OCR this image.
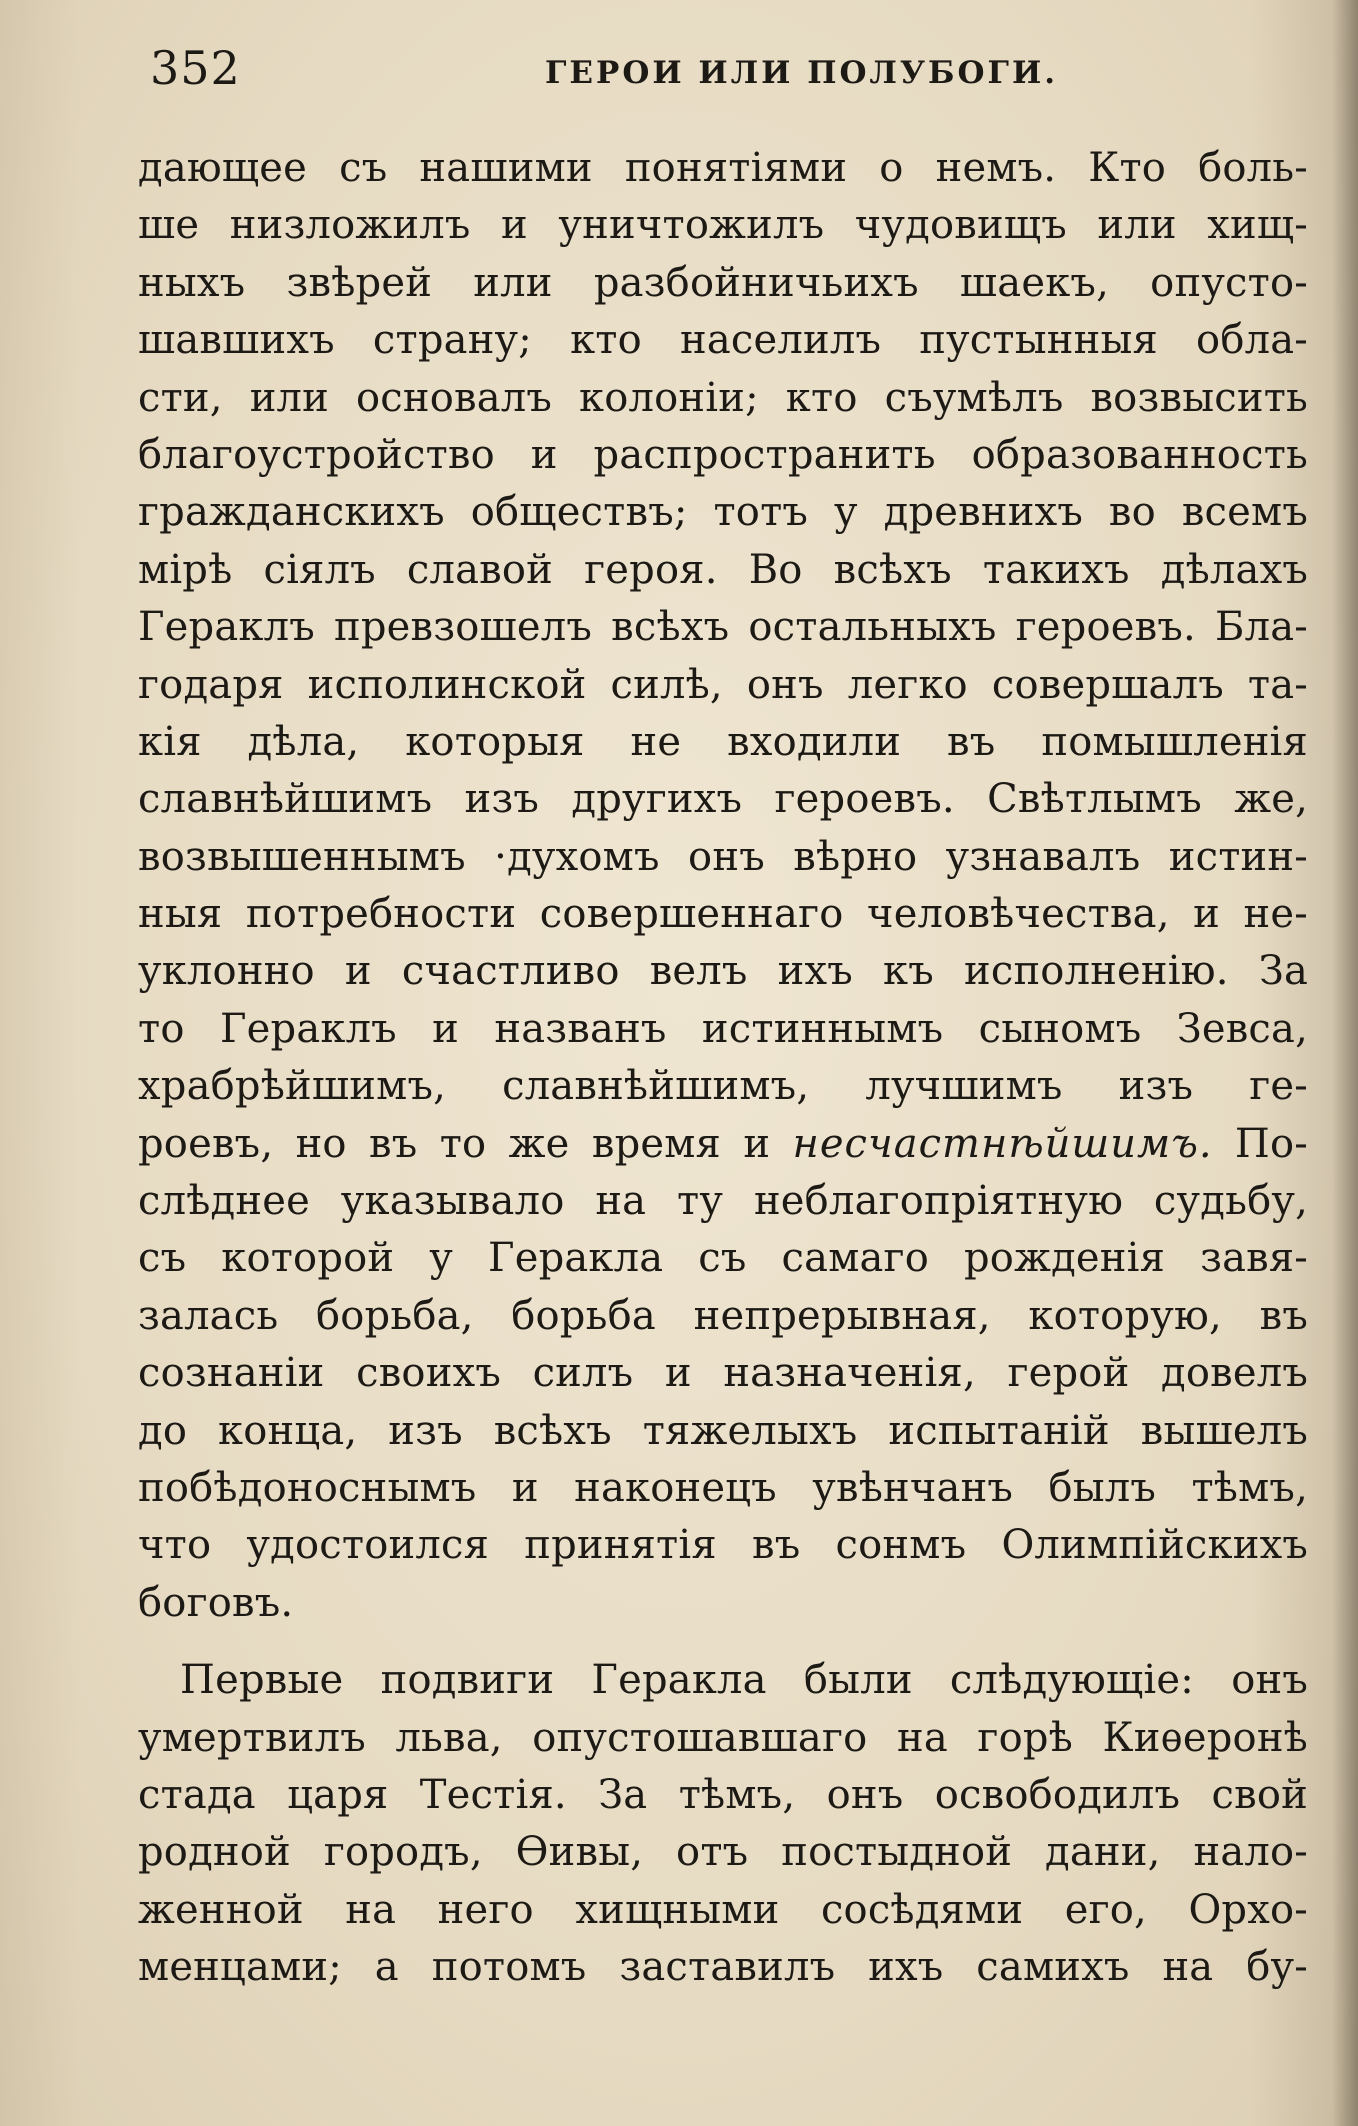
352	ГЕРОИ ИЛИ ПОЛУБОГИ.
дающее съ нашими понятіями о немъ. Кто боль-
ше низложилъ и уничтожилъ чудовищъ или хищ-
ныхъ звѣрей или разбойничьихъ шаекъ, опусто-
шавшихъ страну; кто населилъ пустынныя обла-
сти, или основалъ колоніи; кто съумѣлъ возвысить
благоустройство и распространить образованность
гражданскихъ обществъ; тотъ у древнихъ во всемъ
мірѣ сіялъ славой героя. Во всѣхъ такихъ дѣлахъ
Гераклъ превзошелъ всѣхъ остальныхъ героевъ. Бла-
годаря исполинской силѣ, онъ легко совершалъ та-
кія дѣла, которыя не входили въ помышленія
славнѣйшимъ изъ другихъ героевъ. Свѣтлымъ же,
возвышеннымъ ·духомъ онъ вѣрно узнавалъ истин-
ныя потребности совершеннаго человѣчества, и не-
уклонно и счастливо велъ ихъ къ исполненію. За
то Гераклъ и названъ истиннымъ сыномъ Зевса,
храбрѣйшимъ, славнѣйшимъ, лучшимъ изъ ге-
роевъ, но въ то же время и несчастнѣйшимъ. По-
слѣднее указывало на ту неблагопріятную судьбу,
съ которой у Геракла съ самаго рожденія завя-
залась борьба, борьба непрерывная, которую, въ
сознаніи своихъ силъ и назначенія, герой довелъ
до конца, изъ всѣхъ тяжелыхъ испытаній вышелъ
побѣдоноснымъ и наконецъ увѣнчанъ былъ тѣмъ,
что удостоился принятія въ сонмъ Олимпійскихъ
боговъ.
Первые подвиги Геракла были слѣдующіе: онъ
умертвилъ льва, опустошавшаго на горѣ Киѳеронѣ
стада царя Тестія. За тѣмъ, онъ освободилъ свой
родной городъ, Ѳивы, отъ постыдной дани, нало-
женной на него хищными сосѣдями его, Орхо-
менцами; а потомъ заставилъ ихъ самихъ на бу-
